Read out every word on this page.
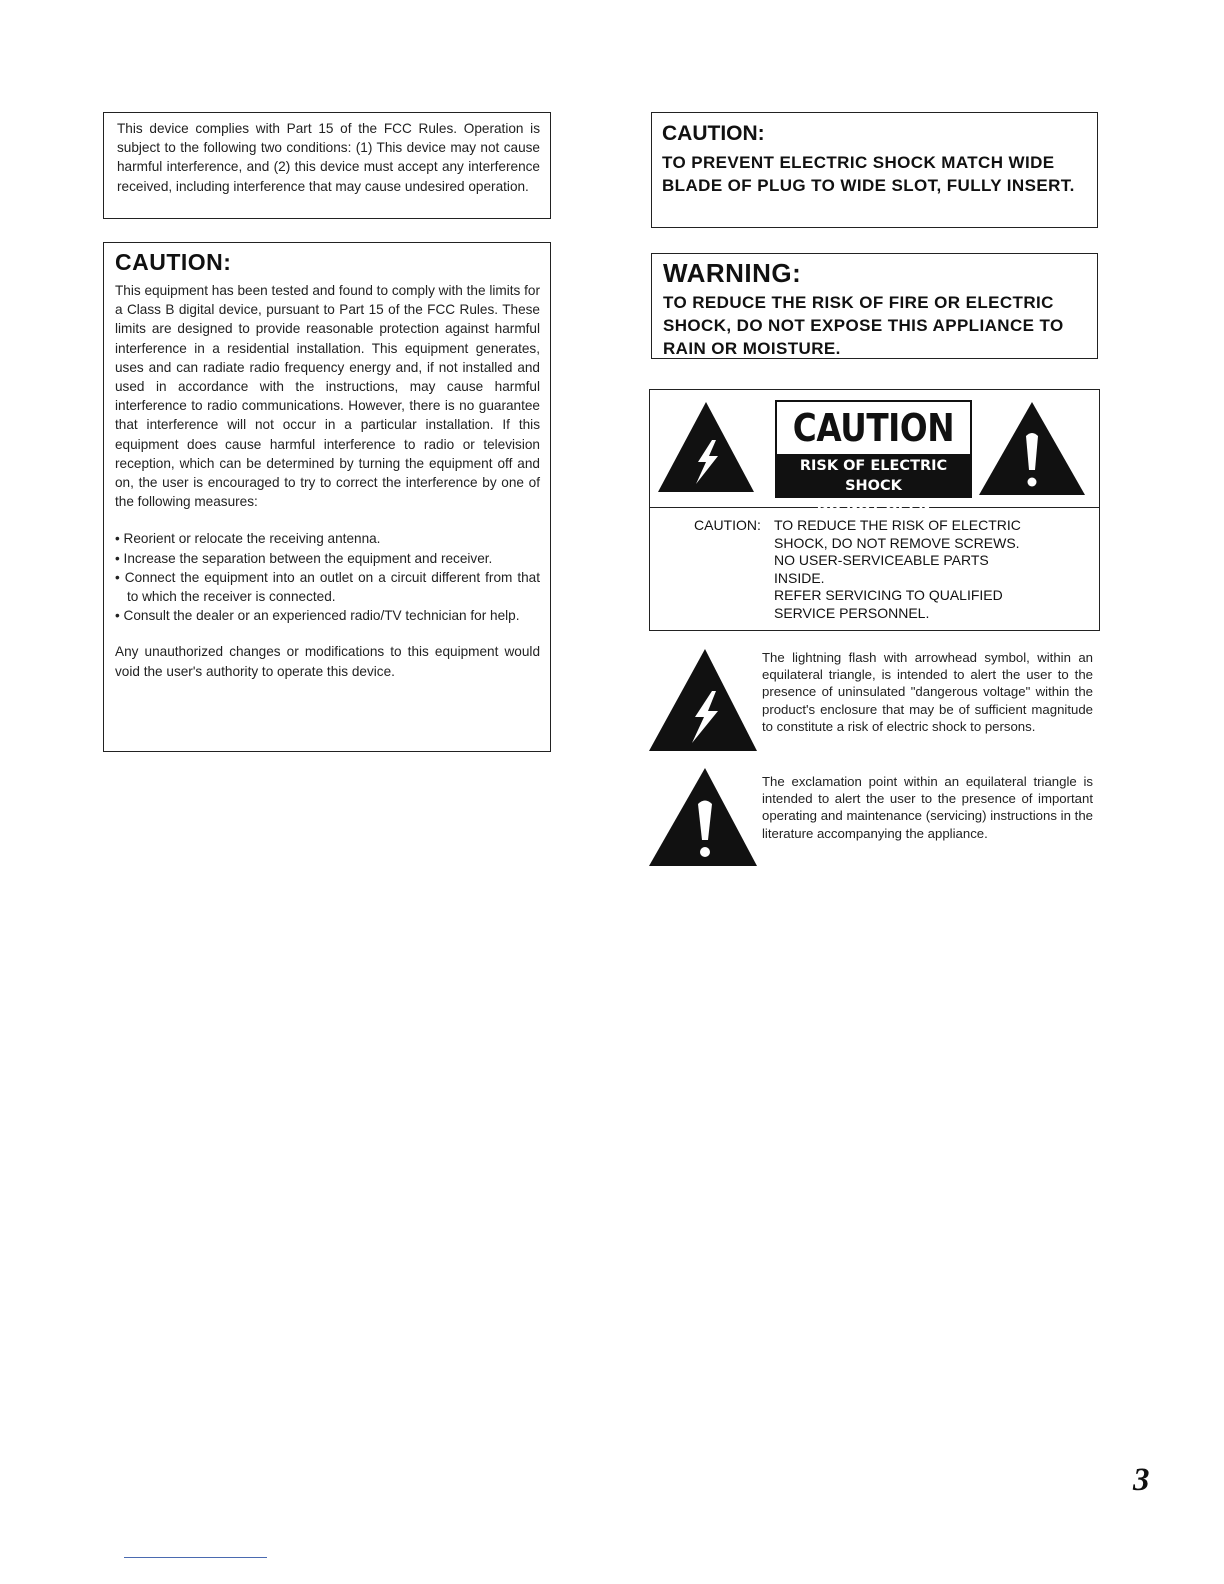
This device complies with Part 15 of the FCC Rules. Operation is subject to the following two conditions: (1) This device may not cause harmful interference, and (2) this device must accept any interference received, including interference that may cause undesired operation.

CAUTION:

This equipment has been tested and found to comply with the limits for a Class B digital device, pursuant to Part 15 of the FCC Rules. These limits are designed to provide reasonable protection against harmful interference in a residential installation. This equipment generates, uses and can radiate radio frequency energy and, if not installed and used in accordance with the instructions, may cause harmful interference to radio communications. However, there is no guarantee that interference will not occur in a particular installation. If this equipment does cause harmful interference to radio or television reception, which can be determined by turning the equipment off and on, the user is encouraged to try to correct the interference by one of the following measures:

• Reorient or relocate the receiving antenna.
• Increase the separation between the equipment and receiver.
• Connect the equipment into an outlet on a circuit different from that to which the receiver is connected.
• Consult the dealer or an experienced radio/TV technician for help.

Any unauthorized changes or modifications to this equipment would void the user's authority to operate this device.

CAUTION:

TO PREVENT ELECTRIC SHOCK MATCH WIDE BLADE OF PLUG TO WIDE SLOT, FULLY INSERT.

WARNING:

TO REDUCE THE RISK OF FIRE OR ELECTRIC SHOCK, DO NOT EXPOSE THIS APPLIANCE TO RAIN OR MOISTURE.

CAUTION
RISK OF ELECTRIC SHOCK
DO NOT OPEN
CAUTION: TO REDUCE THE RISK OF ELECTRIC
SHOCK, DO NOT REMOVE SCREWS.
NO USER-SERVICEABLE PARTS
INSIDE.
REFER SERVICING TO QUALIFIED
SERVICE PERSONNEL.

The lightning flash with arrowhead symbol, within an equilateral triangle, is intended to alert the user to the presence of uninsulated "dangerous voltage" within the product's enclosure that may be of sufficient magnitude to constitute a risk of electric shock to persons.

The exclamation point within an equilateral triangle is intended to alert the user to the presence of important operating and maintenance (servicing) instructions in the literature accompanying the appliance.

3
